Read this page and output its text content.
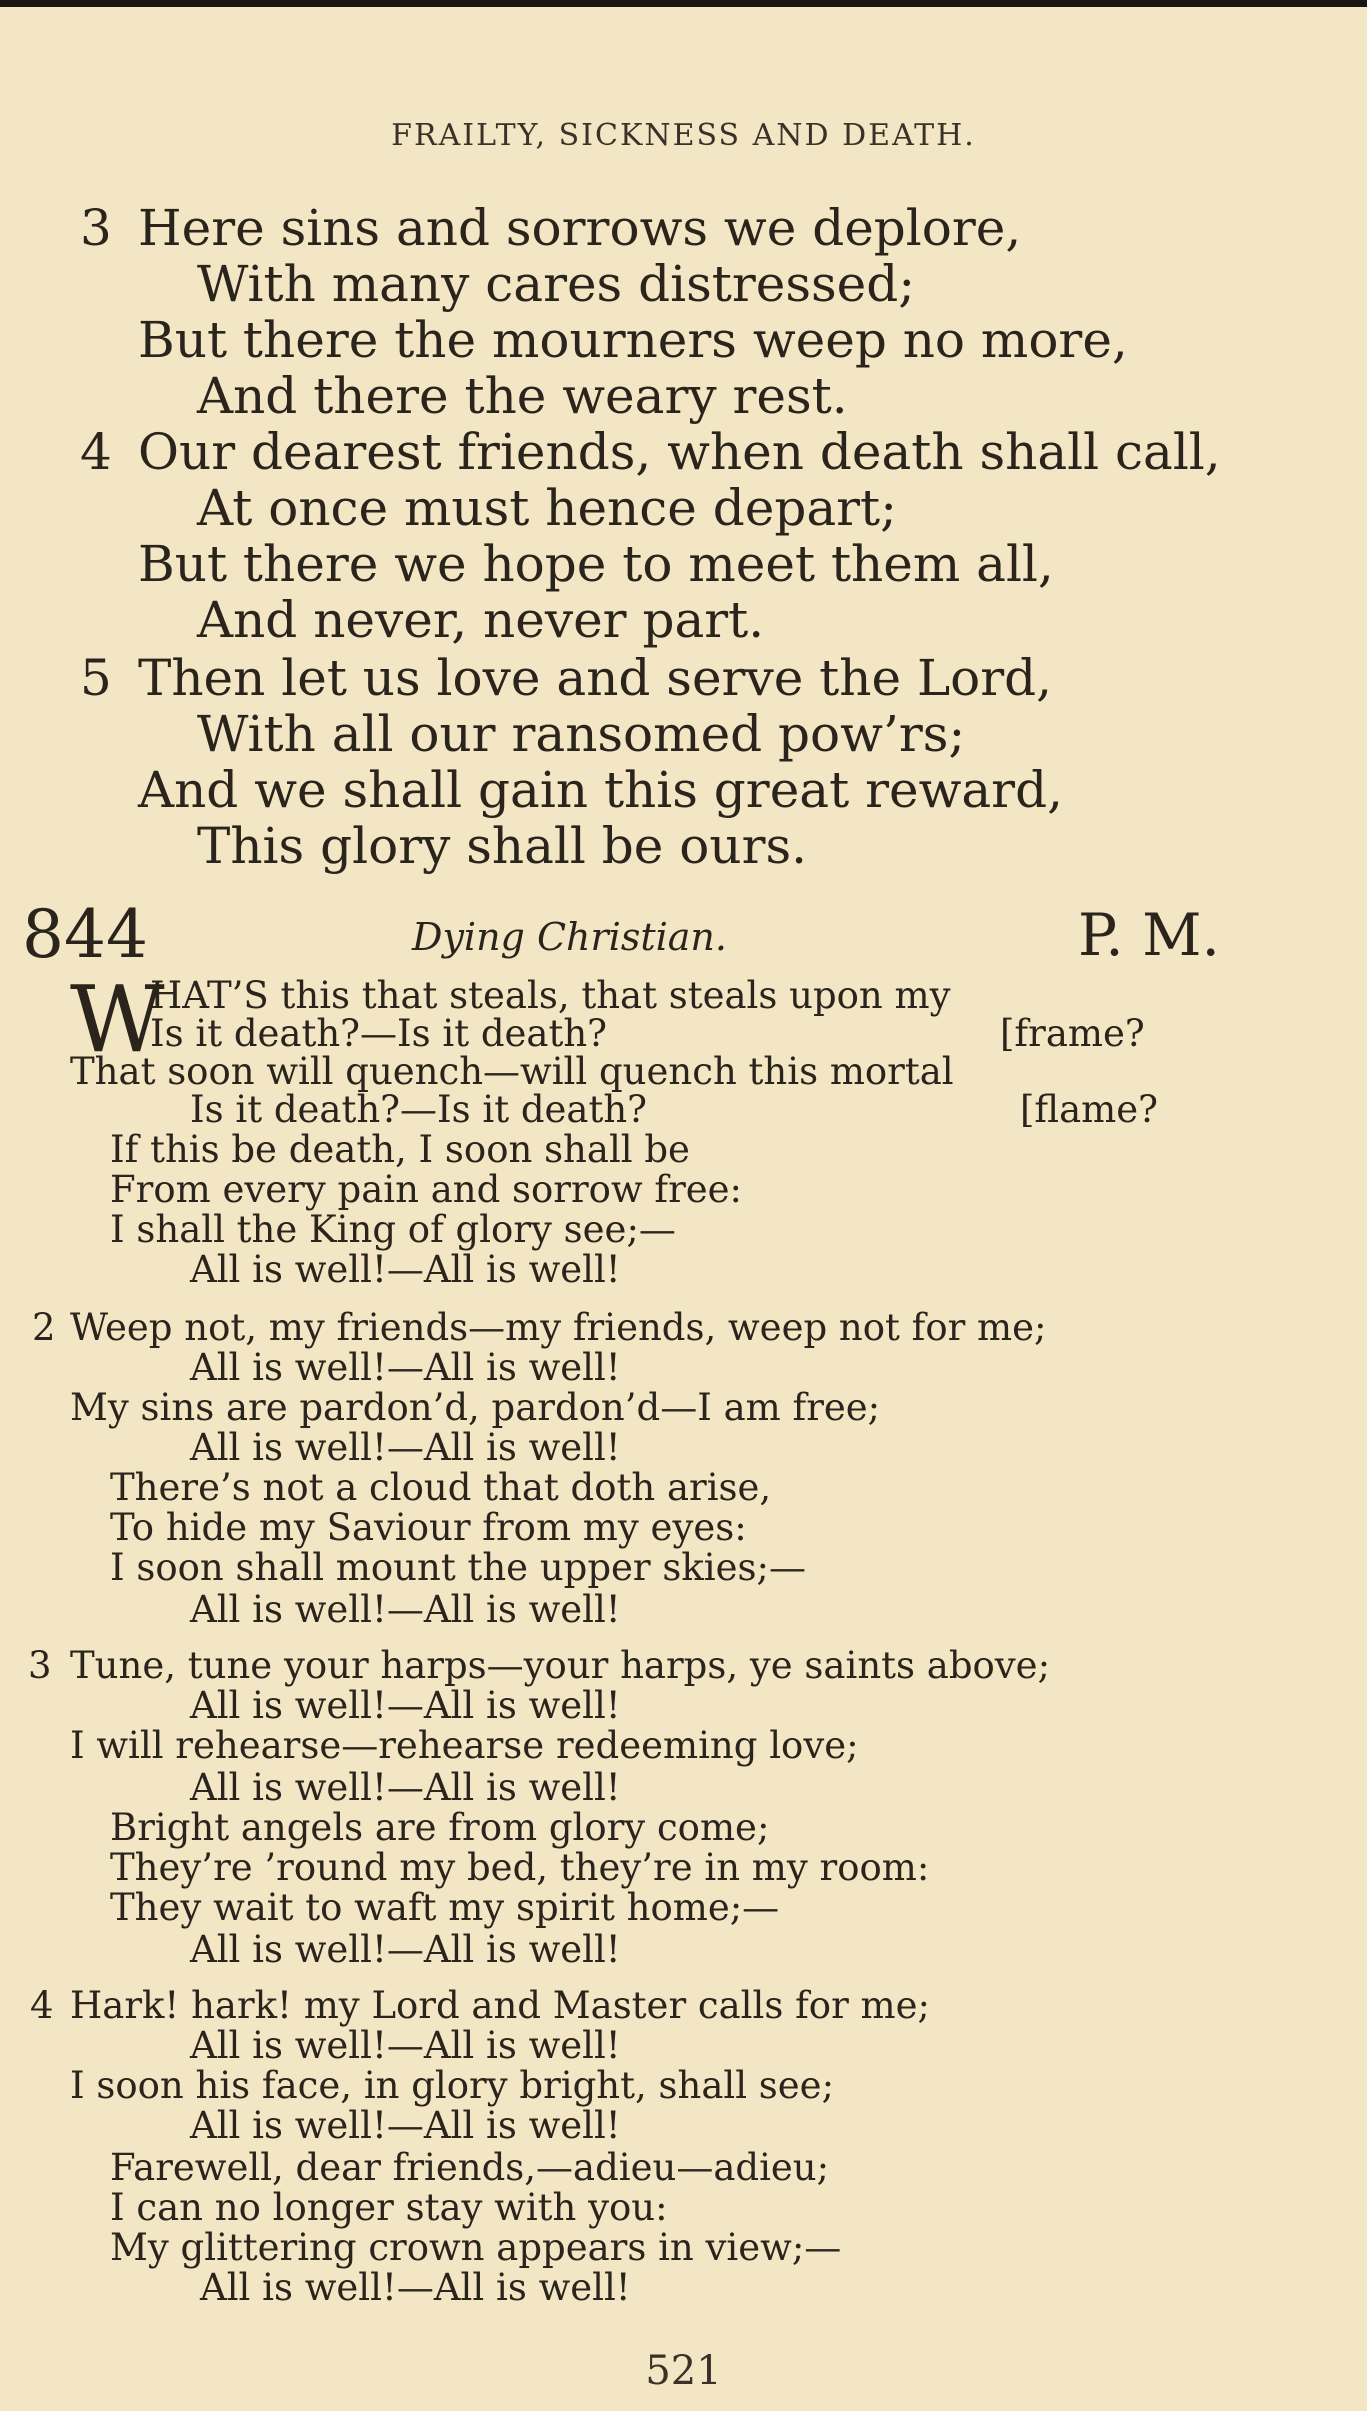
FRAILTY, SICKNESS AND DEATH.
3 Here sins and sorrows we deplore,
With many cares distressed;
But there the mourners weep no more,
And there the weary rest.
4 Our dearest friends, when death shall call,
At once must hence depart;
But there we hope to meet them all,
And never, never part.
5 Then let us love and serve the Lord,
With all our ransomed pow’rs;
And we shall gain this great reward,
This glory shall be ours.
844	Dying Christian.	P. M.
W
HAT’S this that steals, that steals upon my
Is it death?—Is it death?	[frame?
That soon will quench—will quench this mortal
Is it death?—Is it death?	[flame?
If this be death, I soon shall be
From every pain and sorrow free:
I shall the King of glory see;—
All is well!—All is well!
2 Weep not, my friends—my friends, weep not for me;
All is well!—All is well!
My sins are pardon’d, pardon’d—I am free;
All is well!—All is well!
There’s not a cloud that doth arise,
To hide my Saviour from my eyes:
I soon shall mount the upper skies;—
All is well!—All is well!
3 Tune, tune your harps—your harps, ye saints above;
All is well!—All is well!
I will rehearse—rehearse redeeming love;
All is well!—All is well!
Bright angels are from glory come;
They’re ’round my bed, they’re in my room:
They wait to waft my spirit home;—
All is well!—All is well!
4 Hark! hark! my Lord and Master calls for me;
All is well!—All is well!
I soon his face, in glory bright, shall see;
All is well!—All is well!
Farewell, dear friends,—adieu—adieu;
I can no longer stay with you:
My glittering crown appears in view;—
All is well!—All is well!
521
